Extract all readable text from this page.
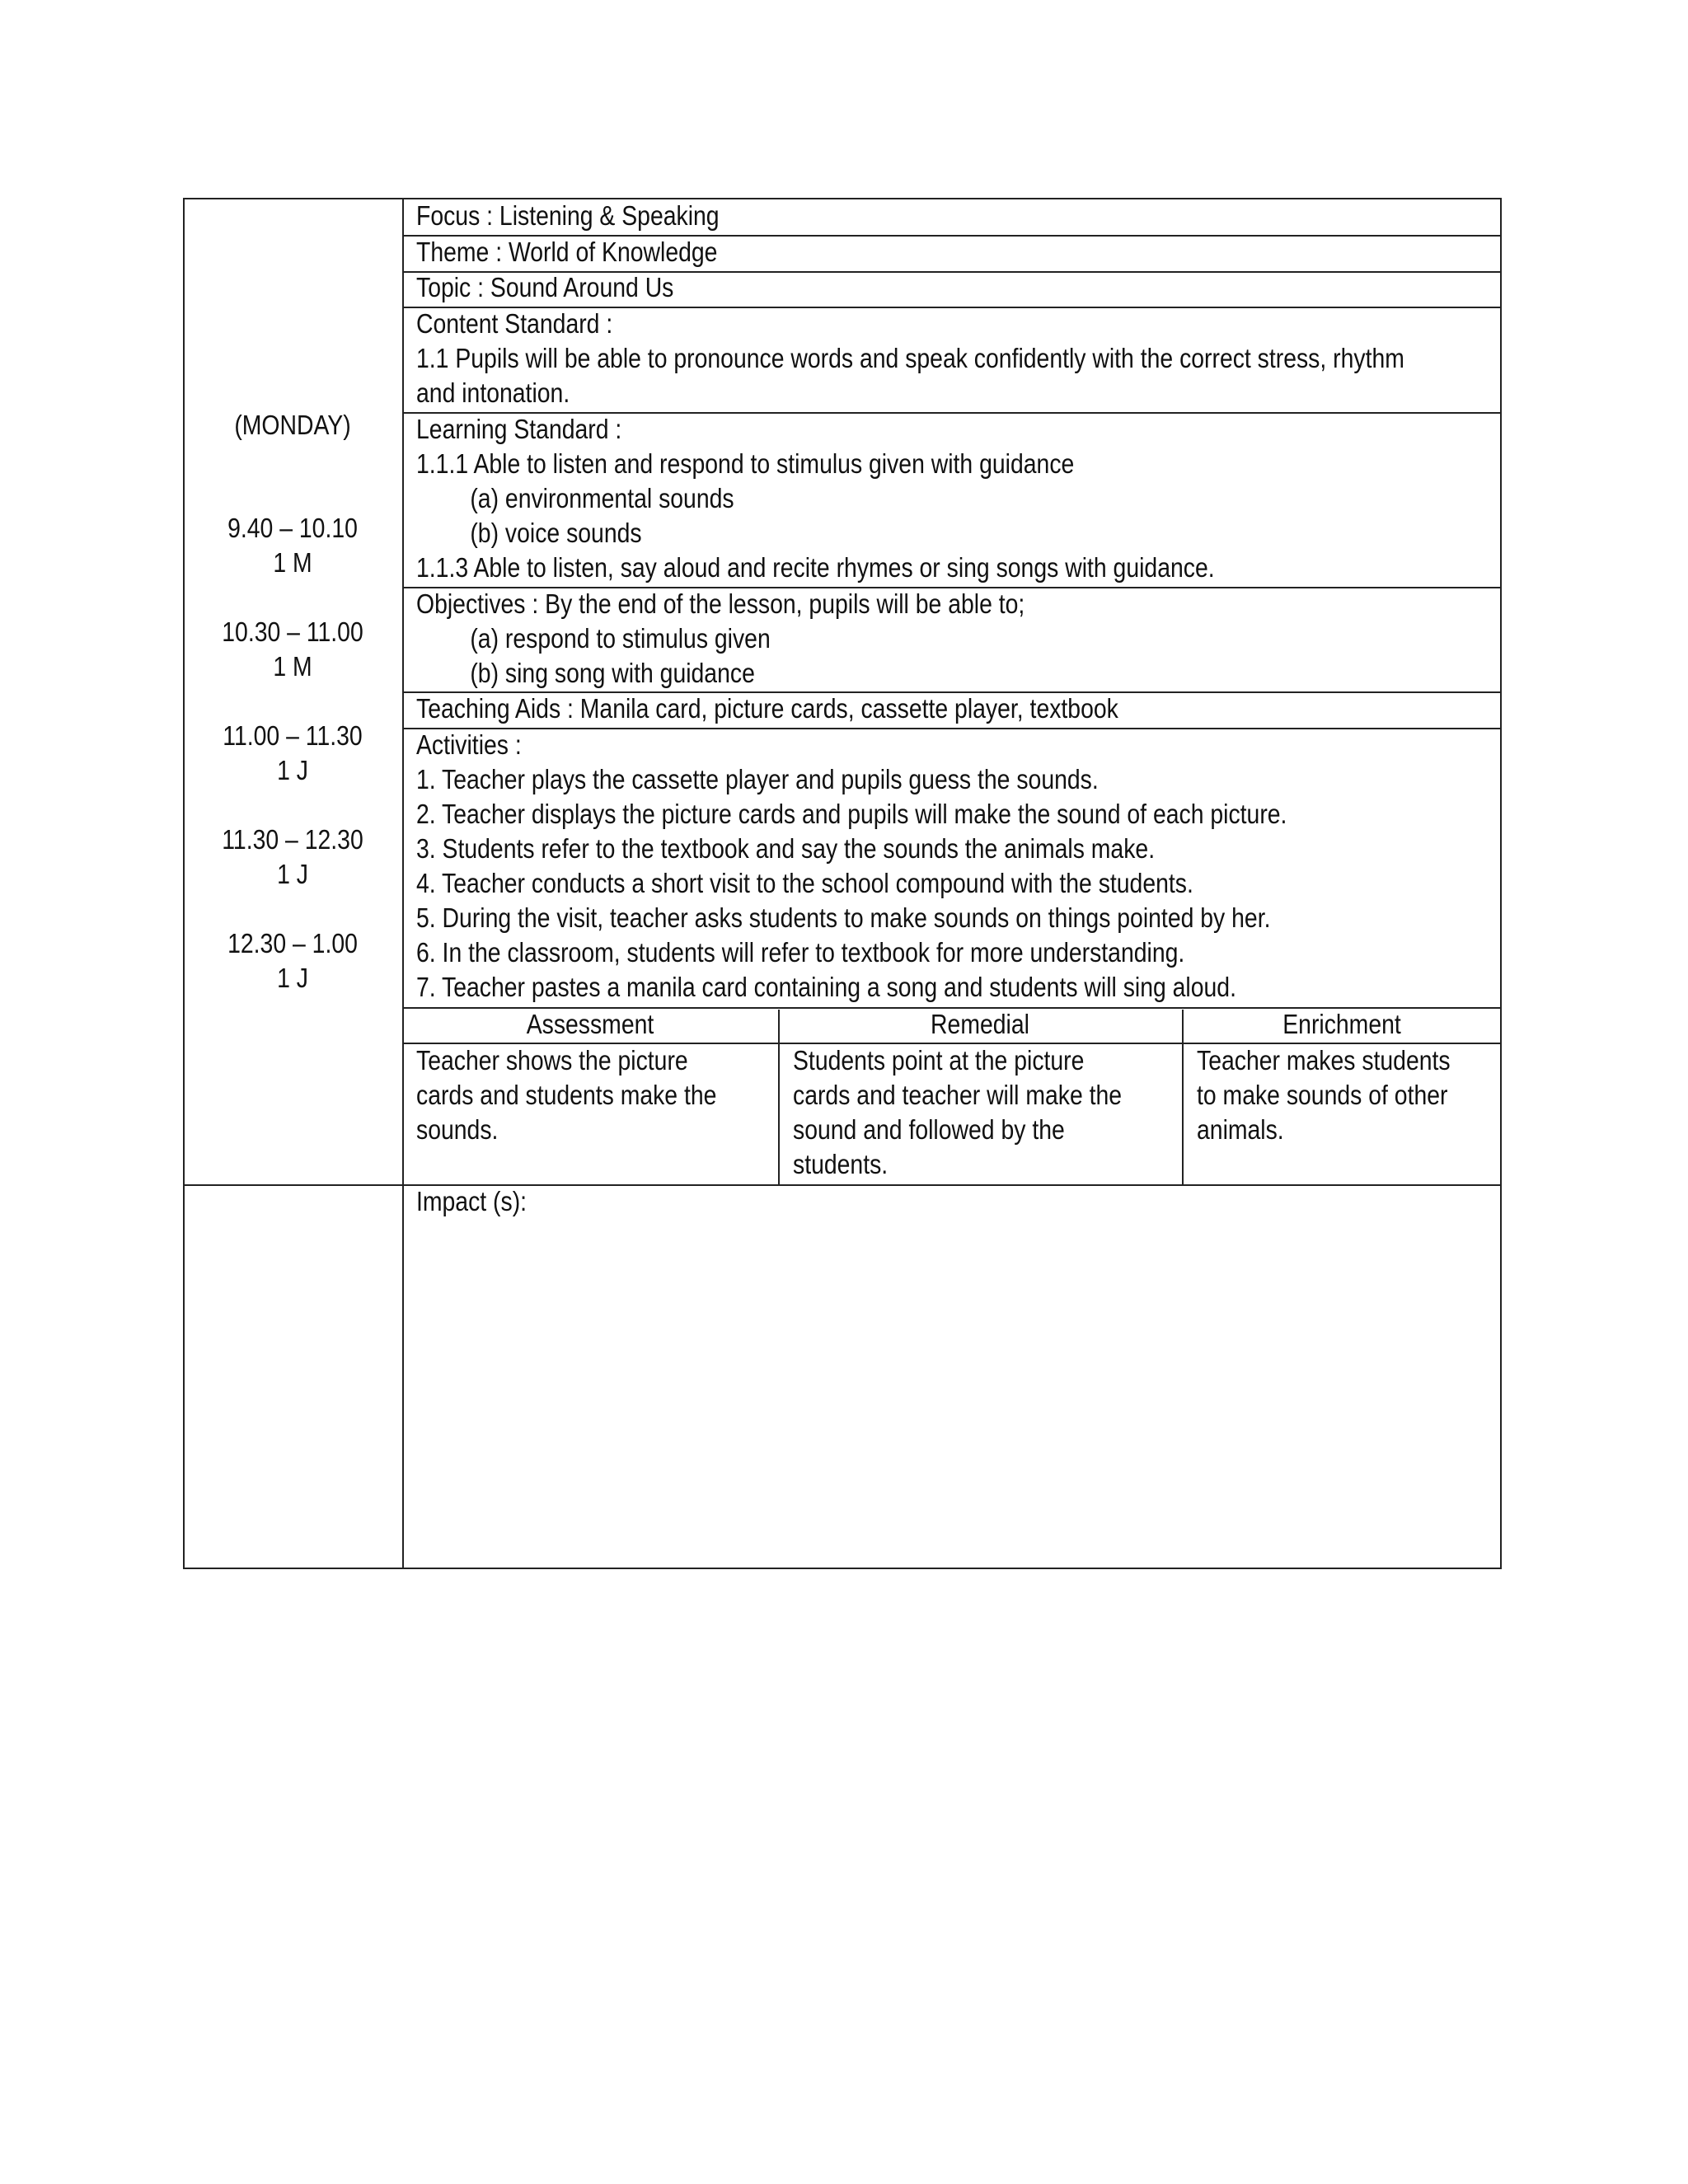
(MONDAY)
9.40 – 10.10
1 M
10.30 – 11.00
1 M
11.00 – 11.30
1 J
11.30 – 12.30
1 J
12.30 – 1.00
1 J
Focus : Listening & Speaking
Theme : World of Knowledge
Topic : Sound Around Us
Content Standard :
1.1 Pupils will be able to pronounce words and speak confidently with the correct stress, rhythm
and intonation.
Learning Standard :
1.1.1 Able to listen and respond to stimulus given with guidance
(a) environmental sounds
(b) voice sounds
1.1.3 Able to listen, say aloud and recite rhymes or sing songs with guidance.
Objectives : By the end of the lesson, pupils will be able to;
(a) respond to stimulus given
(b) sing song with guidance
Teaching Aids : Manila card, picture cards, cassette player, textbook
Activities :
1. Teacher plays the cassette player and pupils guess the sounds.
2. Teacher displays the picture cards and pupils will make the sound of each picture.
3. Students refer to the textbook and say the sounds the animals make.
4. Teacher conducts a short visit to the school compound with the students.
5. During the visit, teacher asks students to make sounds on things pointed by her.
6. In the classroom, students will refer to textbook for more understanding.
7. Teacher pastes a manila card containing a song and students will sing aloud.
Assessment	Remedial	Enrichment
Teacher shows the picture
cards and students make the
sounds.
Students point at the picture
cards and teacher will make the
sound and followed by the
students.
Teacher makes students
to make sounds of other
animals.
Impact (s):
